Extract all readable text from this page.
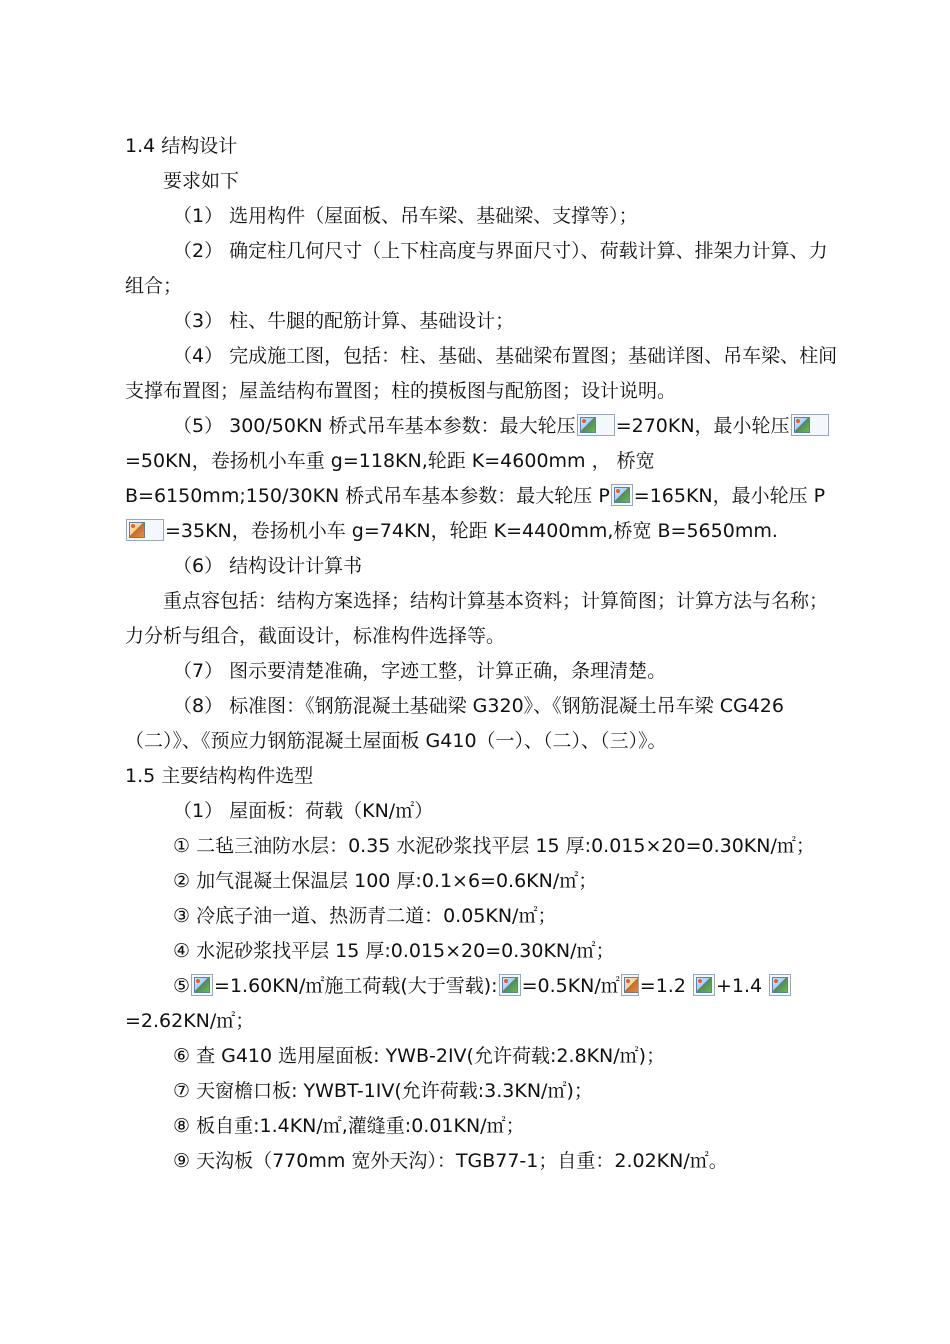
1.4 结构设计
要求如下
（1） 选用构件（屋面板、吊车梁、基础梁、支撑等）；
（2） 确定柱几何尺寸（上下柱高度与界面尺寸）、荷载计算、排架力计算、力
组合；
（3） 柱、牛腿的配筋计算、基础设计；
（4） 完成施工图，包括：柱、基础、基础梁布置图；基础详图、吊车梁、柱间
支撑布置图；屋盖结构布置图；柱的摸板图与配筋图；设计说明。
（5） 300/50KN 桥式吊车基本参数：最大轮压 =270KN，最小轮压
=50KN，卷扬机小车重 g=118KN,轮距 K=4600mm ， 桥宽
B=6150mm;150/30KN 桥式吊车基本参数：最大轮压 P =165KN，最小轮压 P
=35KN，卷扬机小车 g=74KN，轮距 K=4400mm,桥宽 B=5650mm.
（6） 结构设计计算书
重点容包括：结构方案选择；结构计算基本资料；计算简图；计算方法与名称；
力分析与组合，截面设计，标准构件选择等。
（7） 图示要清楚准确，字迹工整，计算正确，条理清楚。
（8） 标准图：《钢筋混凝土基础梁 G320》、《钢筋混凝土吊车梁 CG426
（二）》、《预应力钢筋混凝土屋面板 G410（一）、（二）、（三）》。
1.5 主要结构构件选型
（1） 屋面板：荷载（KN/㎡）
① 二毡三油防水层：0.35 水泥砂浆找平层 15 厚:0.015×20=0.30KN/㎡；
② 加气混凝土保温层 100 厚:0.1×6=0.6KN/㎡；
③ 冷底子油一道、热沥青二道：0.05KN/㎡；
④ 水泥砂浆找平层 15 厚:0.015×20=0.30KN/㎡；
⑤ =1.60KN/㎡施工荷载(大于雪载): =0.5KN/㎡ =1.2 +1.4
=2.62KN/㎡；
⑥ 查 G410 选用屋面板: YWB-2IV(允许荷载:2.8KN/㎡)；
⑦ 天窗檐口板: YWBT-1IV(允许荷载:3.3KN/㎡)；
⑧ 板自重:1.4KN/㎡,灌缝重:0.01KN/㎡；
⑨ 天沟板（770mm 宽外天沟）：TGB77-1；自重：2.02KN/㎡。
